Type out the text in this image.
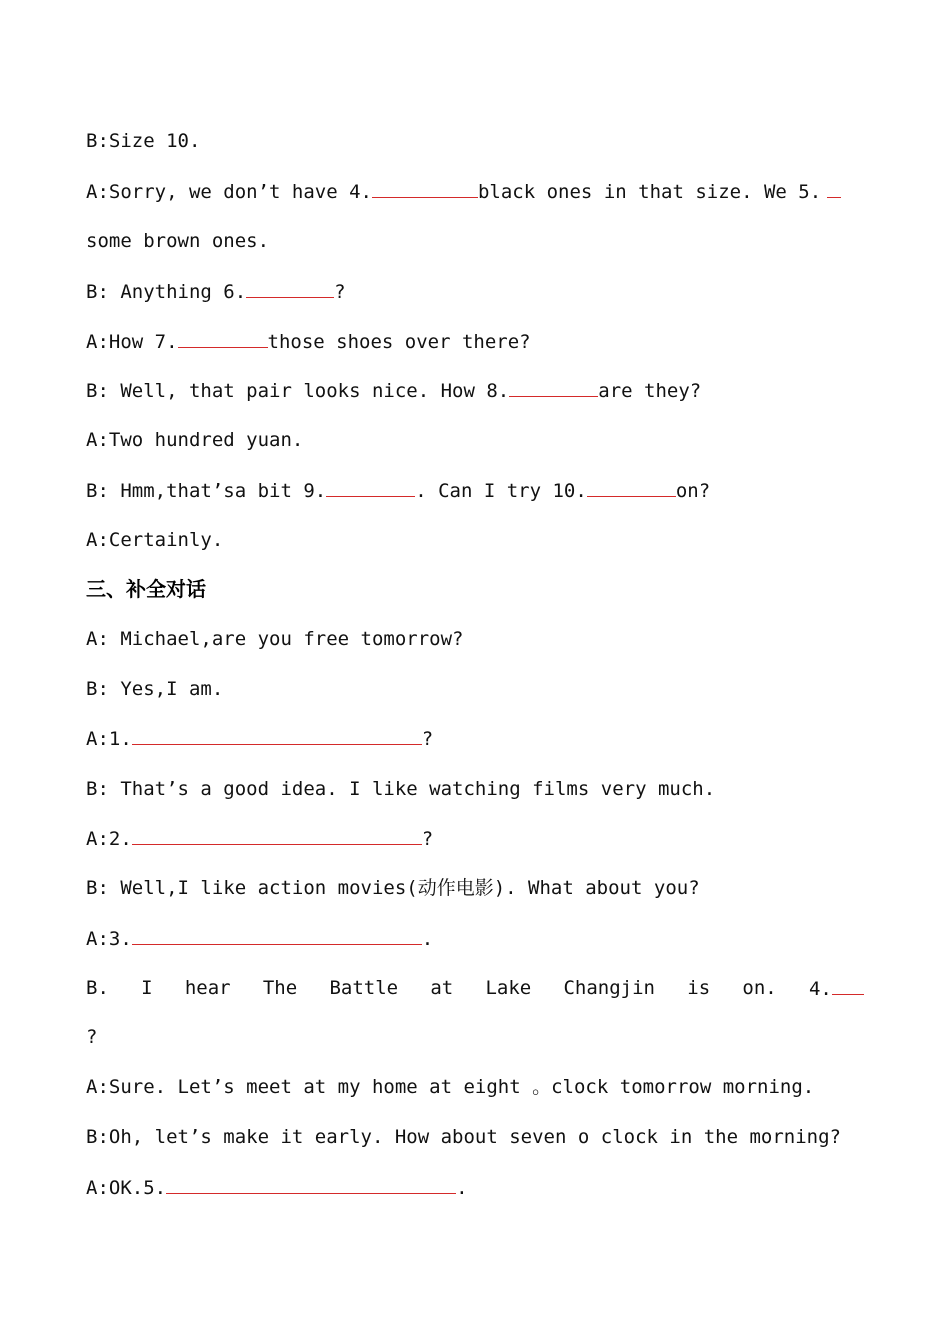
B:Size 10.
A:Sorry, we don’t have 4.	black ones in that size. We 5.
some brown ones.
B: Anything 6.	?
A:How 7.	those shoes over there?
B: Well, that pair looks nice. How 8.	are they?
A:Two hundred yuan.
B: Hmm,that’sa bit 9.	. Can I try 10.	on?
A:Certainly.
三、补全对话
A: Michael,are you free tomorrow?
B: Yes,I am.
A:1.	?
B: That’s a good idea. I like watching films very much.
A:2.	?
B: Well,I like action movies(动作电影). What about you?
A:3.	.
B. I hear The Battle at Lake Changjin is on. 4.
?
A:Sure. Let’s meet at my home at eight 。clock tomorrow morning.
B:Oh, let’s make it early. How about seven o clock in the morning?
A:OK.5.	.
